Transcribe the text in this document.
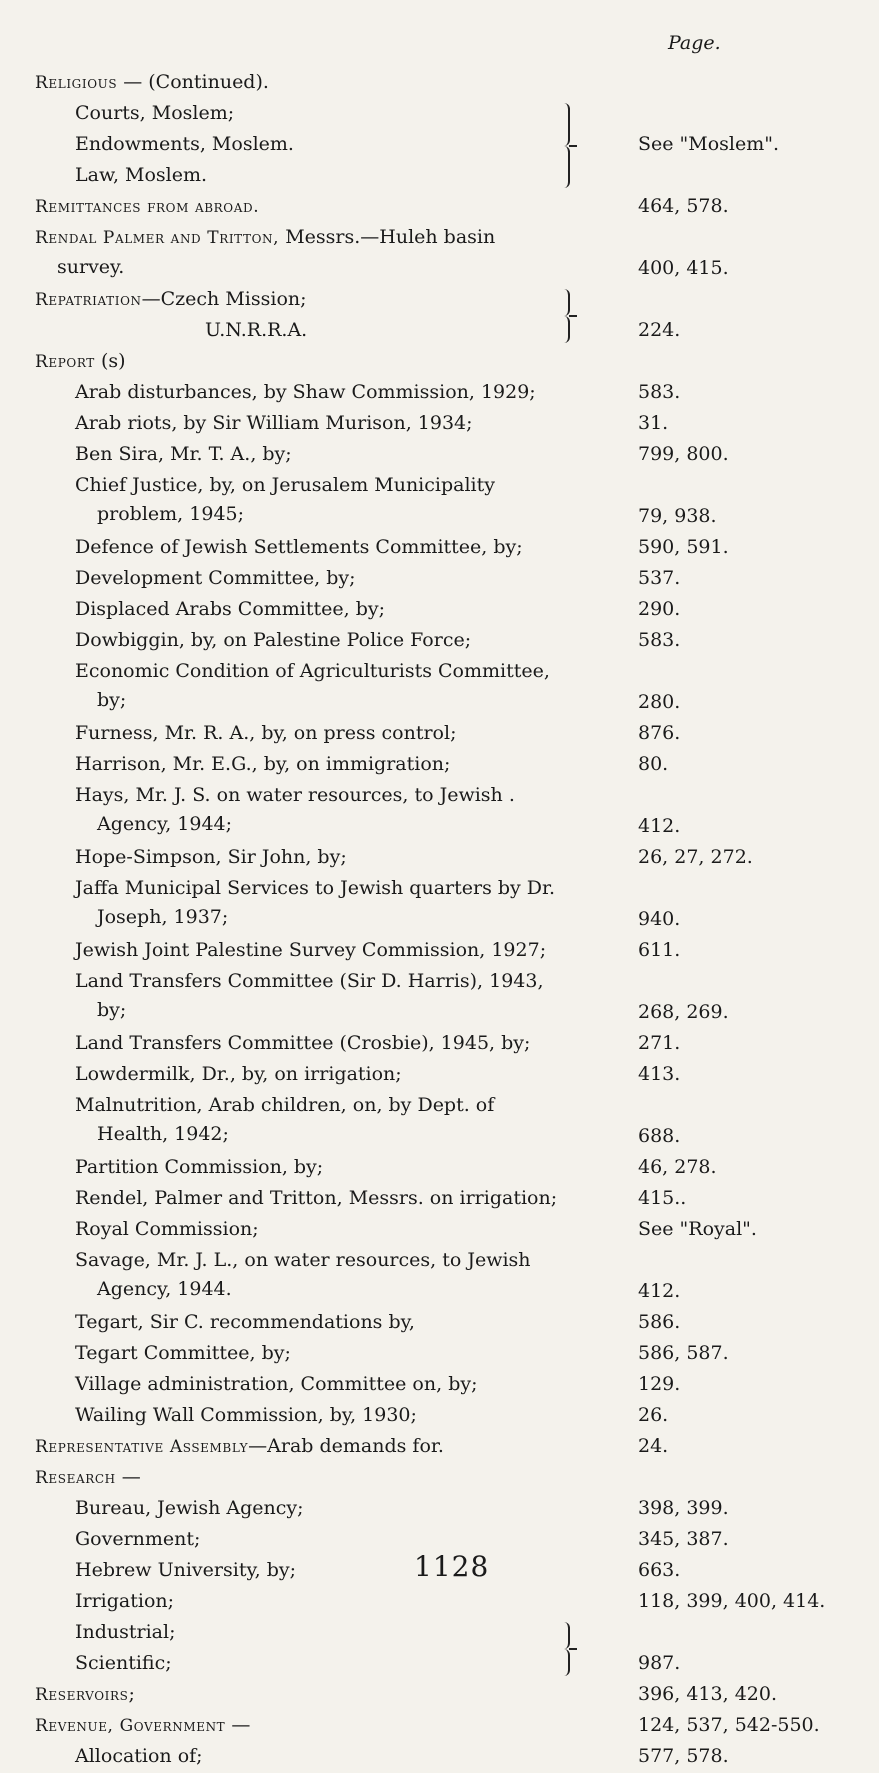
Page.
Religious — (Continued).
Courts, Moslem;
Endowments, Moslem.	See "Moslem".
Law, Moslem.
Remittances from abroad.	464, 578.
Rendal Palmer and Tritton, Messrs.—Huleh basin
survey.	400, 415.
Repatriation—Czech Mission;
U.N.R.R.A.	224.
Report (s)
Arab disturbances, by Shaw Commission, 1929;	583.
Arab riots, by Sir William Murison, 1934;	31.
Ben Sira, Mr. T. A., by;	799, 800.
Chief Justice, by, on Jerusalem Municipality
problem, 1945;	79, 938.
Defence of Jewish Settlements Committee, by;	590, 591.
Development Committee, by;	537.
Displaced Arabs Committee, by;	290.
Dowbiggin, by, on Palestine Police Force;	583.
Economic Condition of Agriculturists Committee,
by;	280.
Furness, Mr. R. A., by, on press control;	876.
Harrison, Mr. E.G., by, on immigration;	80.
Hays, Mr. J. S. on water resources, to Jewish .
Agency, 1944;	412.
Hope-Simpson, Sir John, by;	26, 27, 272.
Jaffa Municipal Services to Jewish quarters by Dr.
Joseph, 1937;	940.
Jewish Joint Palestine Survey Commission, 1927;	611.
Land Transfers Committee (Sir D. Harris), 1943,
by;	268, 269.
Land Transfers Committee (Crosbie), 1945, by;	271.
Lowdermilk, Dr., by, on irrigation;	413.
Malnutrition, Arab children, on, by Dept. of
Health, 1942;	688.
Partition Commission, by;	46, 278.
Rendel, Palmer and Tritton, Messrs. on irrigation;	415..
Royal Commission;	See "Royal".
Savage, Mr. J. L., on water resources, to Jewish
Agency, 1944.	412.
Tegart, Sir C. recommendations by,	586.
Tegart Committee, by;	586, 587.
Village administration, Committee on, by;	129.
Wailing Wall Commission, by, 1930;	26.
Representative Assembly—Arab demands for.	24.
Research —
Bureau, Jewish Agency;	398, 399.
Government;	345, 387.
Hebrew University, by;	663.
Irrigation;	118, 399, 400, 414.
Industrial;
Scientific;	987.
Reservoirs;	396, 413, 420.
Revenue, Government —	124, 537, 542-550.
Allocation of;	577, 578.
1128
